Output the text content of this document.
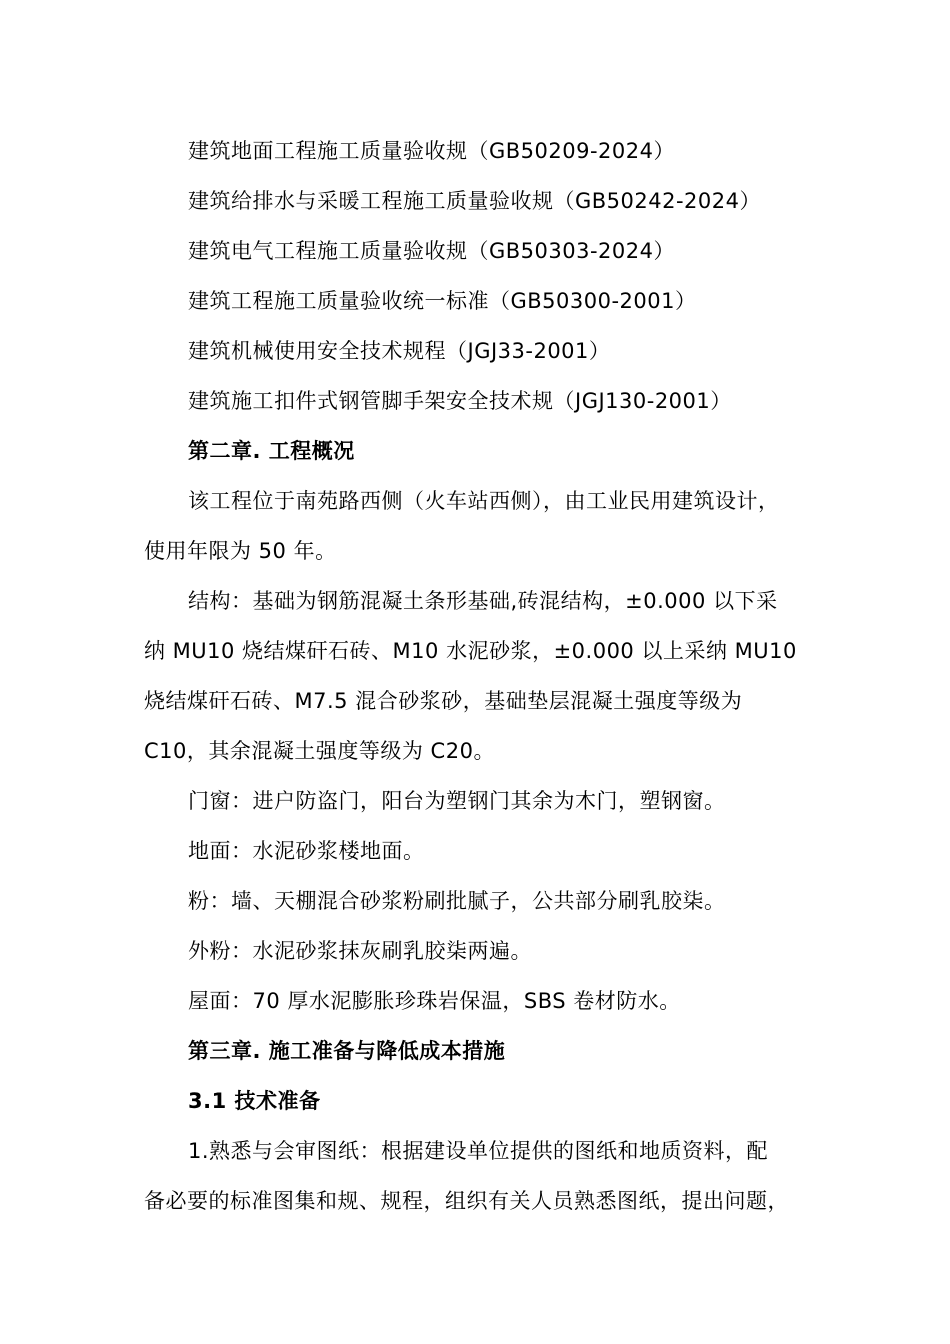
建筑地面工程施工质量验收规（GB50209-2024）
建筑给排水与采暖工程施工质量验收规（GB50242-2024）
建筑电气工程施工质量验收规（GB50303-2024）
建筑工程施工质量验收统一标准（GB50300-2001）
建筑机械使用安全技术规程（JGJ33-2001）
建筑施工扣件式钢管脚手架安全技术规（JGJ130-2001）
第二章. 工程概况
该工程位于南苑路西侧（火车站西侧），由工业民用建筑设计，
使用年限为 50 年。
结构：基础为钢筋混凝土条形基础,砖混结构，±0.000 以下采
纳 MU10 烧结煤矸石砖、M10 水泥砂浆，±0.000 以上采纳 MU10
烧结煤矸石砖、M7.5 混合砂浆砂，基础垫层混凝土强度等级为
C10，其余混凝土强度等级为 C20。
门窗：进户防盗门，阳台为塑钢门其余为木门，塑钢窗。
地面：水泥砂浆楼地面。
粉：墙、天棚混合砂浆粉刷批腻子，公共部分刷乳胶柒。
外粉：水泥砂浆抹灰刷乳胶柒两遍。
屋面：70 厚水泥膨胀珍珠岩保温，SBS 卷材防水。
第三章. 施工准备与降低成本措施
3.1 技术准备
1.熟悉与会审图纸：根据建设单位提供的图纸和地质资料，配
备必要的标准图集和规、规程，组织有关人员熟悉图纸，提出问题，
